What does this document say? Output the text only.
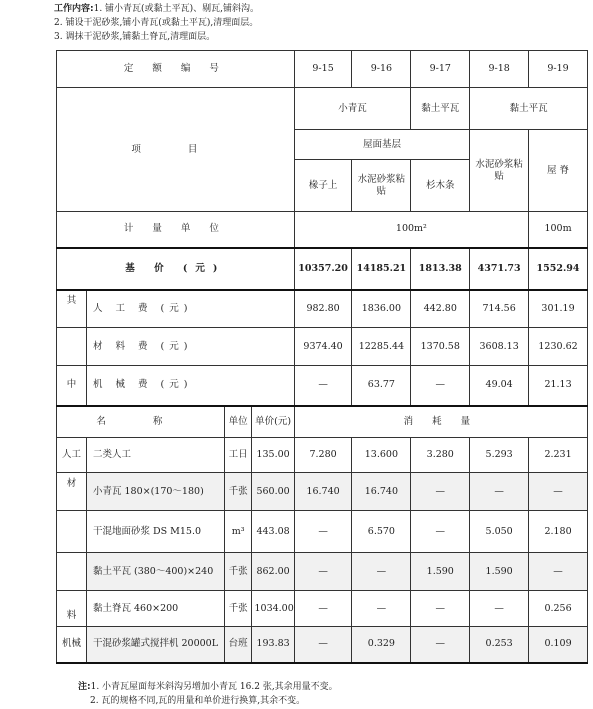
工作内容:1. 铺小青瓦(或黏土平瓦)、剔瓦,铺斜沟。
2. 铺设干泥砂浆,铺小青瓦(或黏土平瓦),清理面层。
3. 调抹干泥砂浆,铺黏土脊瓦,清理面层。
定 额 编 号				9-15	9-16	9-17	9-18	9-19
项 目				小青瓦		黏土平瓦	黏土平瓦	
				屋面基层			水泥砂浆粘贴	屋 脊
				椽子上	水泥砂浆粘贴	杉木条		
计 量 单 位				100m²				100m
基 价 (元)				10357.20	14185.21	1813.38	4371.73	1552.94
其	人 工 费 (元)			982.80	1836.00	442.80	714.56	301.19
	材 料 费 (元)			9374.40	12285.44	1370.58	3608.13	1230.62
中	机 械 费 (元)			—	63.77	—	49.04	21.13
名 称		单位	单价(元)	消 耗 量				
人工	二类人工	工日	135.00	7.280	13.600	3.280	5.293	2.231
材	小青瓦 180×(170～180)	千张	560.00	16.740	16.740	—	—	—
	干混地面砂浆 DS M15.0	m³	443.08	—	6.570	—	5.050	2.180
	黏土平瓦 (380～400)×240	千张	862.00	—	—	1.590	1.590	—
料	黏土脊瓦 460×200	千张	1034.00	—	—	—	—	0.256
机械	干混砂浆罐式搅拌机 20000L	台班	193.83	—	0.329	—	0.253	0.109
注:1. 小青瓦屋面每米斜沟另增加小青瓦 16.2 张,其余用量不变。
2. 瓦的规格不同,瓦的用量和单价进行换算,其余不变。
